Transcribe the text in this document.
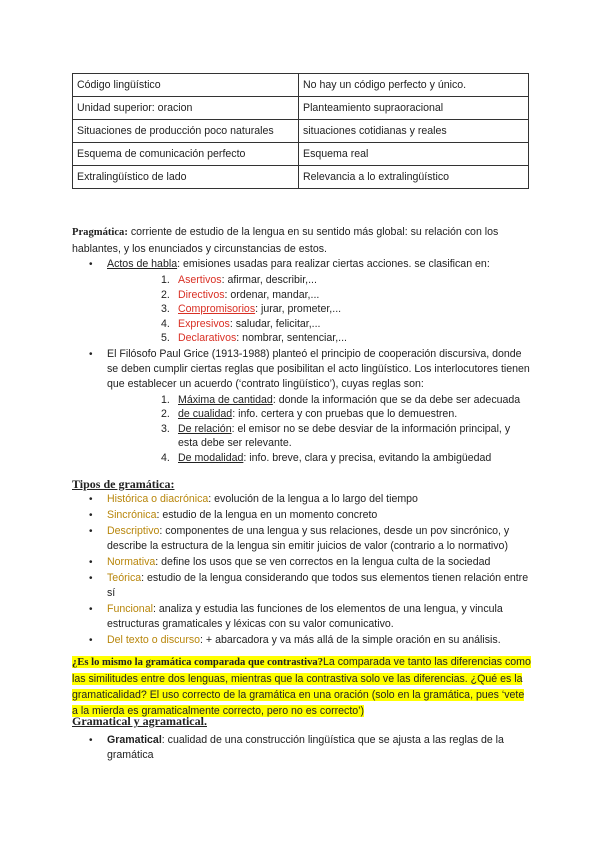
Código lingüístico	No hay un código perfecto y único.
Unidad superior: oracion	Planteamiento supraoracional
Situaciones de producción poco naturales	situaciones cotidianas y reales
Esquema de comunicación perfecto	Esquema real
Extralingüístico de lado	Relevancia a lo extralingüístico
Pragmática: corriente de estudio de la lengua en su sentido más global: su relación con los hablantes, y los enunciados y circunstancias de estos.
• Actos de habla: emisiones usadas para realizar ciertas acciones. se clasifican en:
1. Asertivos: afirmar, describir,...
2. Directivos: ordenar, mandar,...
3. Compromisorios: jurar, prometer,...
4. Expresivos: saludar, felicitar,...
5. Declarativos: nombrar, sentenciar,...
• El Filósofo Paul Grice (1913-1988) planteó el principio de cooperación discursiva, donde se deben cumplir ciertas reglas que posibilitan el acto lingüístico. Los interlocutores tienen que establecer un acuerdo (‘contrato lingüístico’), cuyas reglas son:
1. Máxima de cantidad: donde la información que se da debe ser adecuada
2. de cualidad: info. certera y con pruebas que lo demuestren.
3. De relación: el emisor no se debe desviar de la información principal, y esta debe ser relevante.
4. De modalidad: info. breve, clara y precisa, evitando la ambigüedad
Tipos de gramática:
• Histórica o diacrónica: evolución de la lengua a lo largo del tiempo
• Sincrónica: estudio de la lengua en un momento concreto
• Descriptivo: componentes de una lengua y sus relaciones, desde un pov sincrónico, y describe la estructura de la lengua sin emitir juicios de valor (contrario a lo normativo)
• Normativa: define los usos que se ven correctos en la lengua culta de la sociedad
• Teórica: estudio de la lengua considerando que todos sus elementos tienen relación entre sí
• Funcional: analiza y estudia las funciones de los elementos de una lengua, y vincula estructuras gramaticales y léxicas con su valor comunicativo.
• Del texto o discurso: + abarcadora y va más allá de la simple oración en su análisis.
¿Es lo mismo la gramática comparada que contrastiva?La comparada ve tanto las diferencias como las similitudes entre dos lenguas, mientras que la contrastiva solo ve las diferencias. ¿Qué es la gramaticalidad? El uso correcto de la gramática en una oración (solo en la gramática, pues ‘vete a la mierda es gramaticalmente correcto, pero no es correcto’)
Gramatical y agramatical.
• Gramatical: cualidad de una construcción lingüística que se ajusta a las reglas de la gramática
